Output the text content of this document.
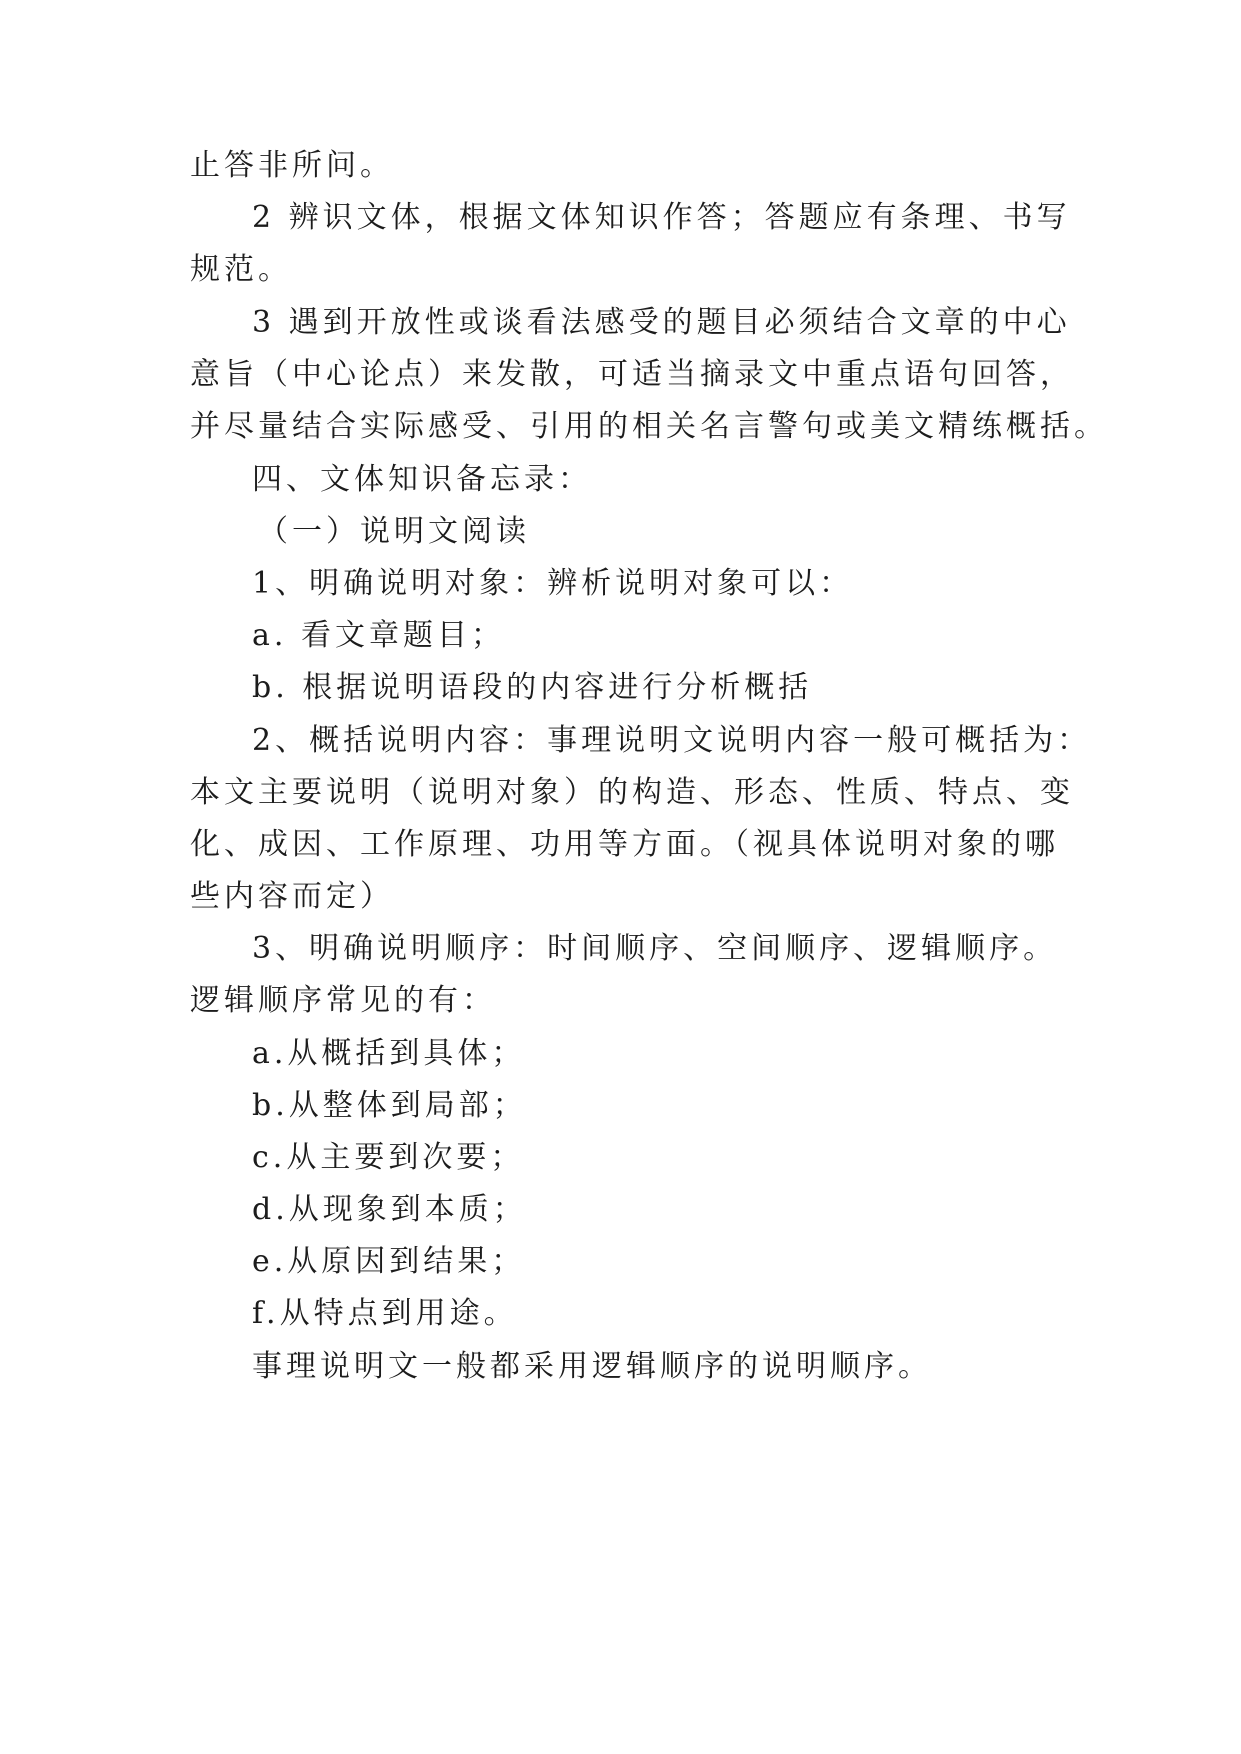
止答非所问。
2 辨识文体，根据文体知识作答；答题应有条理、书写
规范。
3 遇到开放性或谈看法感受的题目必须结合文章的中心
意旨（中心论点）来发散，可适当摘录文中重点语句回答，
并尽量结合实际感受、引用的相关名言警句或美文精练概括。
四、文体知识备忘录：
（一）说明文阅读
1、明确说明对象：辨析说明对象可以：
a. 看文章题目；
b. 根据说明语段的内容进行分析概括
2、概括说明内容：事理说明文说明内容一般可概括为：
本文主要说明（说明对象）的构造、形态、性质、特点、变
化、成因、工作原理、功用等方面。（视具体说明对象的哪
些内容而定）
3、明确说明顺序：时间顺序、空间顺序、逻辑顺序。
逻辑顺序常见的有：
a.从概括到具体；
b.从整体到局部；
c.从主要到次要；
d.从现象到本质；
e.从原因到结果；
f.从特点到用途。
事理说明文一般都采用逻辑顺序的说明顺序。
